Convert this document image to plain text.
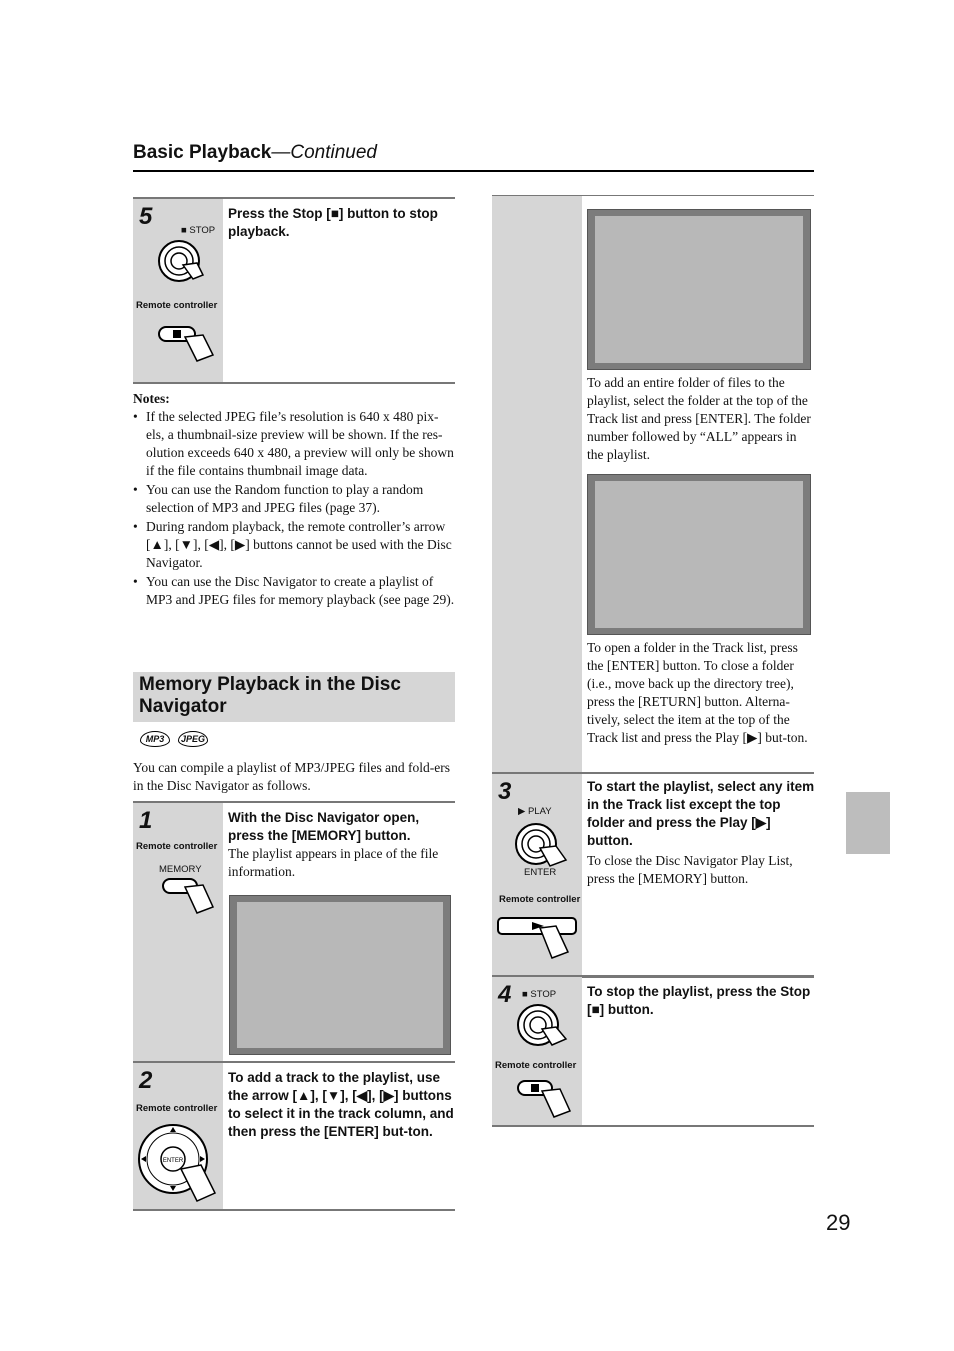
Basic Playback—Continued
5
■ STOP
Remote controller
Press the Stop [■] button to stop playback.
Notes:
• If the selected JPEG file’s resolution is 640 x 480 pix-els, a thumbnail-size preview will be shown. If the res-olution exceeds 640 x 480, a preview will only be shown if the file contains thumbnail image data.
• You can use the Random function to play a random selection of MP3 and JPEG files (page 37).
• During random playback, the remote controller’s arrow [▲], [▼], [◀], [▶] buttons cannot be used with the Disc Navigator.
• You can use the Disc Navigator to create a playlist of MP3 and JPEG files for memory playback (see page 29).
Memory Playback in the Disc Navigator
MP3	JPEG
You can compile a playlist of MP3/JPEG files and fold-ers in the Disc Navigator as follows.
1
Remote controller
MEMORY
With the Disc Navigator open, press the [MEMORY] button.
The playlist appears in place of the file information.
2
Remote controller
ENTER
To add a track to the playlist, use the arrow [▲], [▼], [◀], [▶] buttons to select it in the track column, and then press the [ENTER] but-ton.
To add an entire folder of files to the playlist, select the folder at the top of the Track list and press [ENTER]. The folder number followed by “ALL” appears in the playlist.
To open a folder in the Track list, press the [ENTER] button. To close a folder (i.e., move back up the directory tree), press the [RETURN] button. Alterna-tively, select the item at the top of the Track list and press the Play [▶] but-ton.
3
▶ PLAY
ENTER
Remote controller
To start the playlist, select any item in the Track list except the top folder and press the Play [▶] button.
To close the Disc Navigator Play List, press the [MEMORY] button.
4 ■ STOP
Remote controller
To stop the playlist, press the Stop [■] button.
29
